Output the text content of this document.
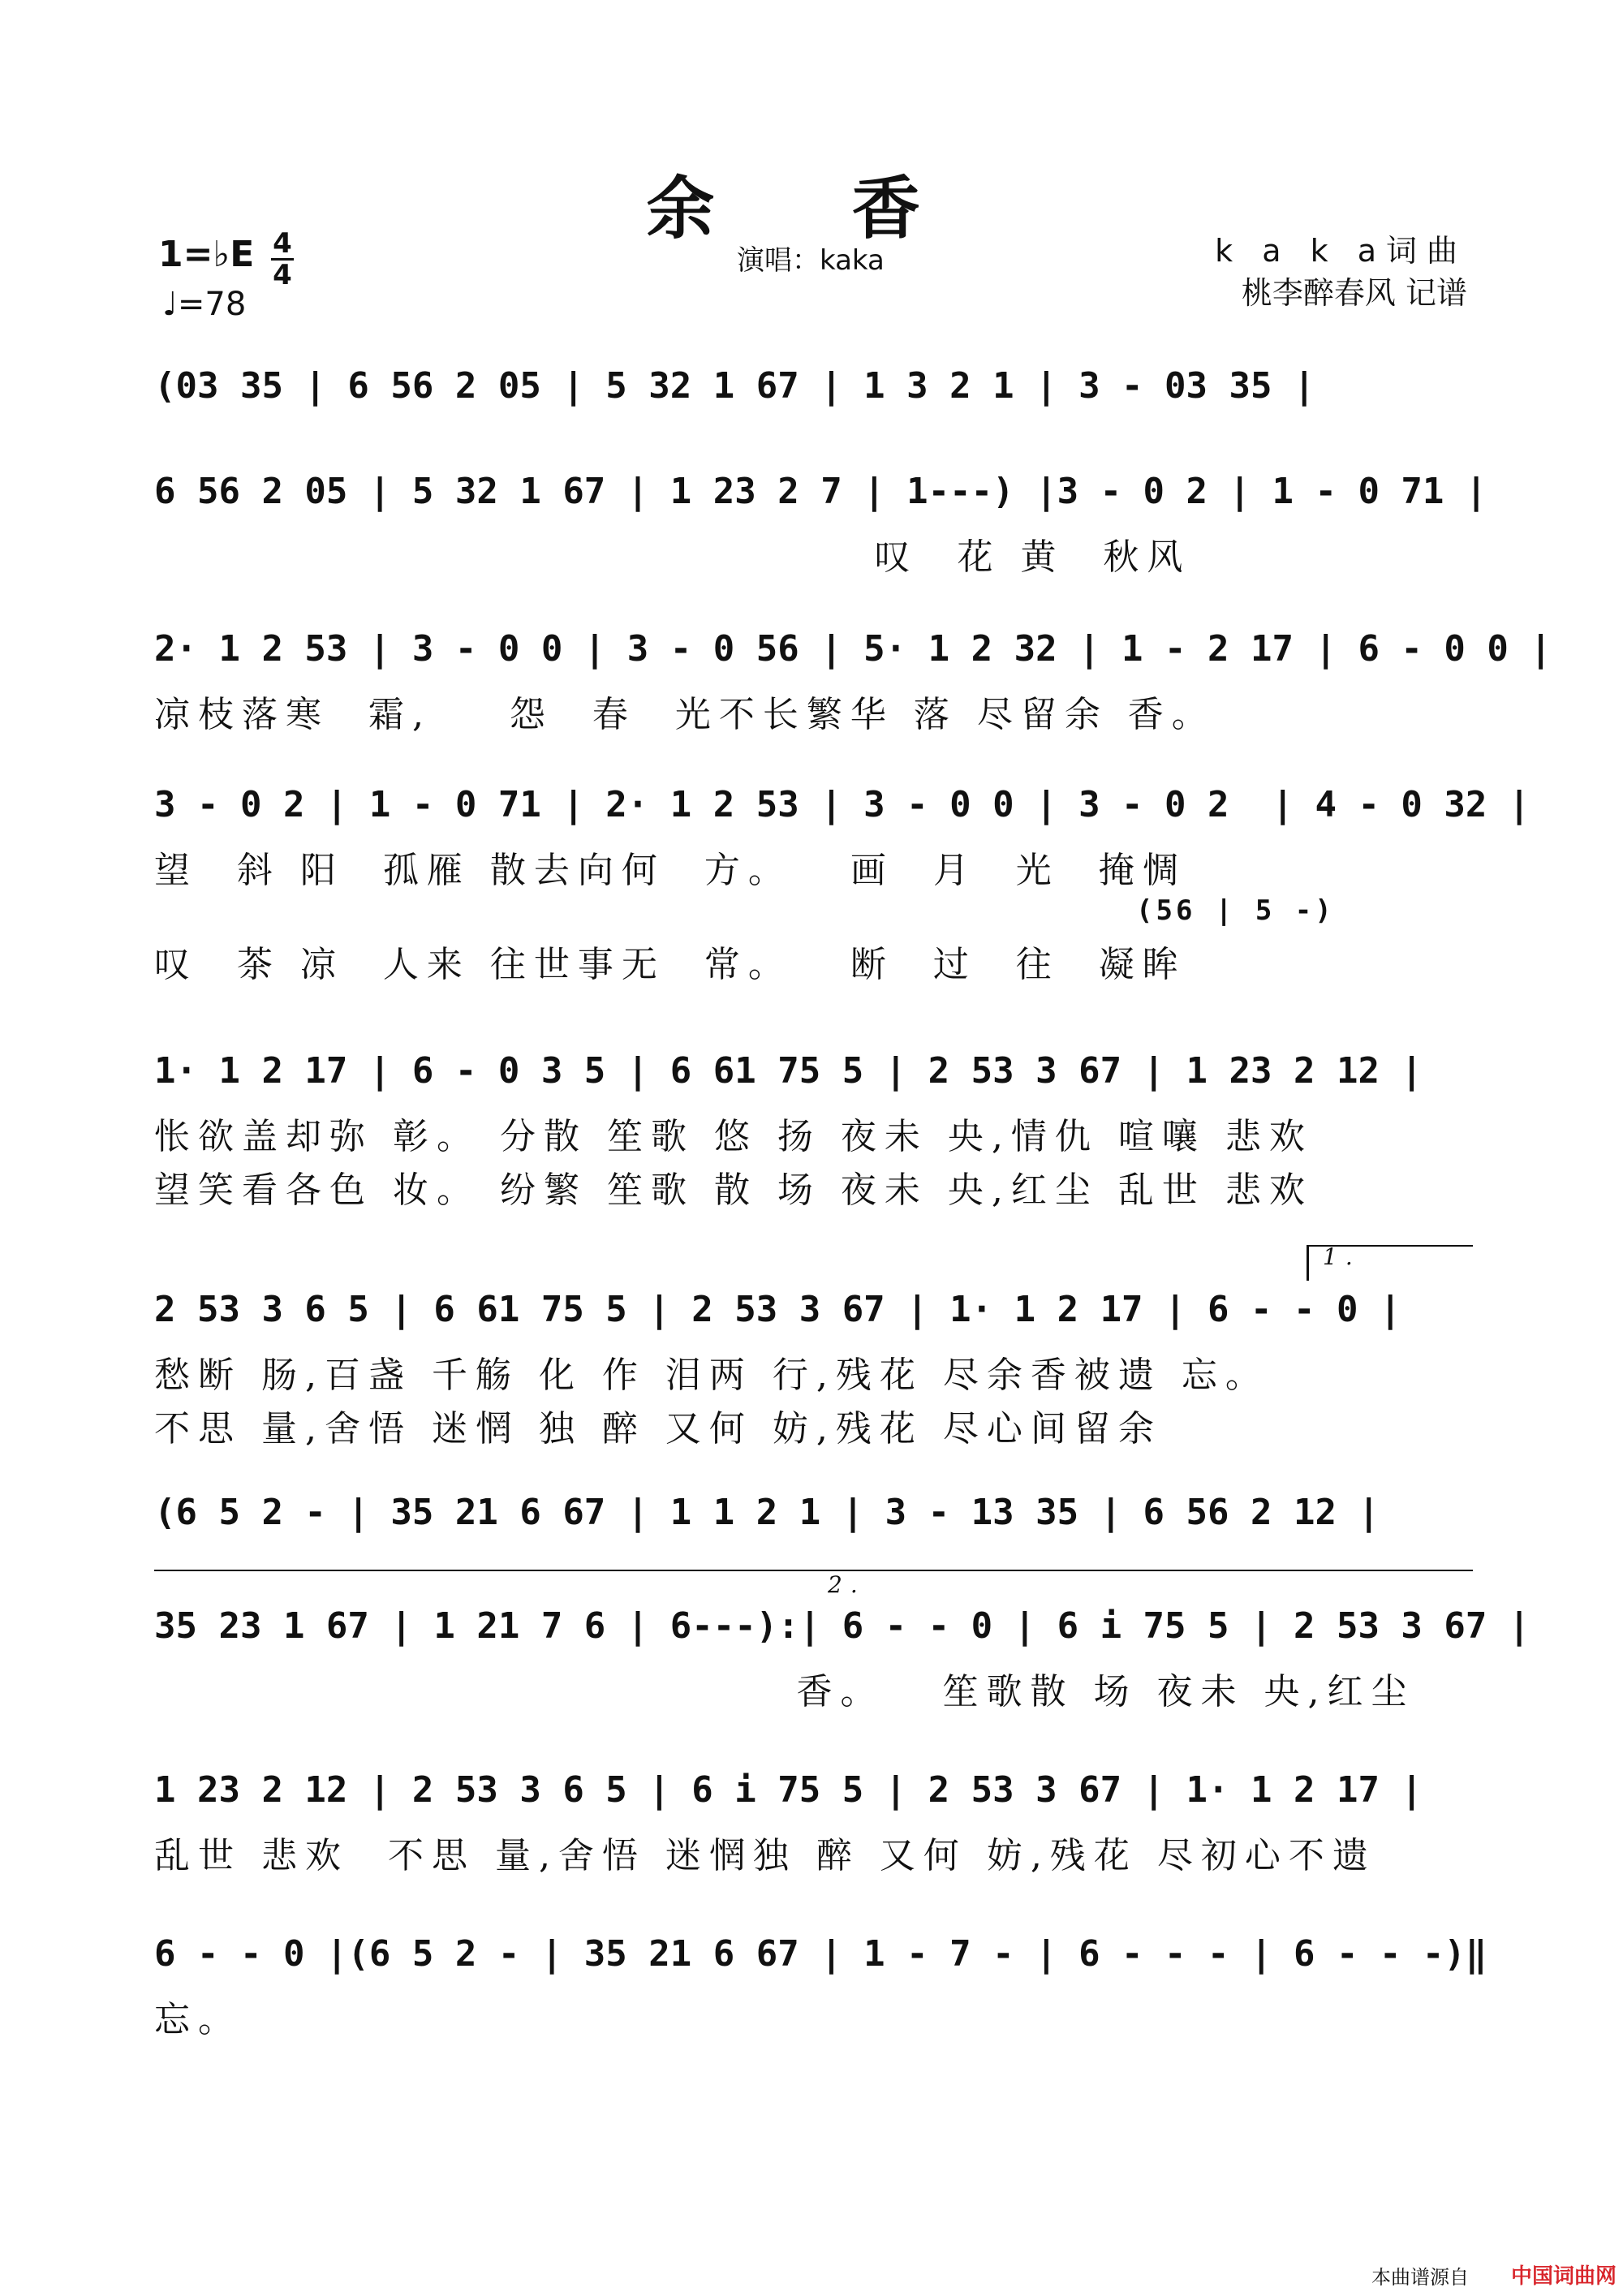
余 香
1=♭E 4
4
♩=78
演唱：kaka	k a k a词曲
桃李醉春风 记谱
(03 35 | 6 56 2 05 | 5 32 1 67 | 1 3 2 1 | 3 - 03 35 |
6 56 2 05 | 5 32 1 67 | 1 23 2 7 | 1---) |3 - 0 2 | 1 - 0 71 |
叹  花 黄  秋风
2· 1 2 53 | 3 - 0 0 | 3 - 0 56 | 5· 1 2 32 | 1 - 2 17 | 6 - 0 0 |
凉枝落寒  霜,    怨  春  光不长繁华 落 尽留余 香。
3 - 0 2 | 1 - 0 71 | 2· 1 2 53 | 3 - 0 0 | 3 - 0 2  | 4 - 0 32 |
望  斜 阳  孤雁 散去向何  方。   画  月  光  掩惆
(56 | 5 -)
叹  茶 凉  人来 往世事无  常。   断  过  往  凝眸
1· 1 2 17 | 6 - 0 3 5 | 6 61 75 5 | 2 53 3 67 | 1 23 2 12 |
怅欲盖却弥 彰。 分散 笙歌 悠 扬 夜未 央,情仇 喧嚷 悲欢
望笑看各色 妆。 纷繁 笙歌 散 场 夜未 央,红尘 乱世 悲欢
1.
2 53 3 6 5 | 6 61 75 5 | 2 53 3 67 | 1· 1 2 17 | 6 - - 0 |
愁断 肠,百盏 千觞 化 作 泪两 行,残花 尽余香被遗 忘。
不思 量,舍悟 迷惘 独 醉 又何 妨,残花 尽心间留余
(6 5 2 - | 35 21 6 67 | 1 1 2 1 | 3 - 13 35 | 6 56 2 12 |
2.
35 23 1 67 | 1 21 7 6 | 6---):| 6 - - 0 | 6 i 75 5 | 2 53 3 67 |
香。   笙歌散 场 夜未 央,红尘
1 23 2 12 | 2 53 3 6 5 | 6 i 75 5 | 2 53 3 67 | 1· 1 2 17 |
乱世 悲欢  不思 量,舍悟 迷惘独 醉 又何 妨,残花 尽初心不遗
6 - - 0 |(6 5 2 - | 35 21 6 67 | 1 - 7 - | 6 - - - | 6 - - -)‖
忘。
本曲谱源自 中国词曲网
